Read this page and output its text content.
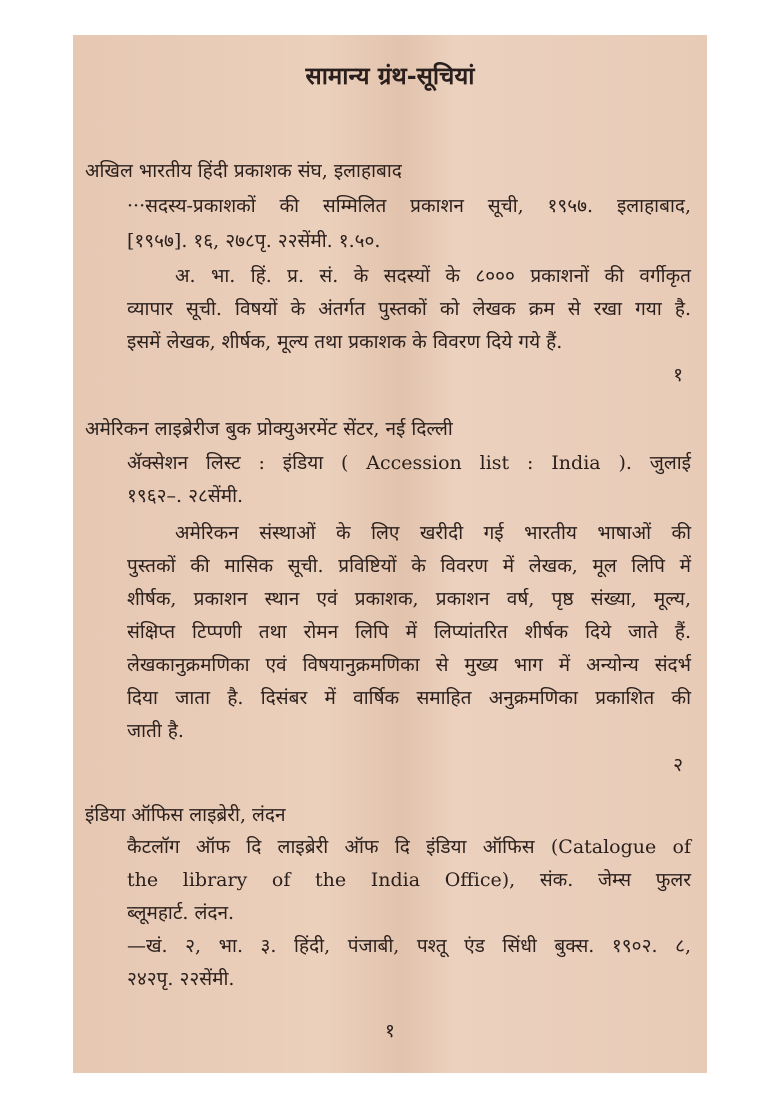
सामान्य ग्रंथ-सूचियां
अखिल भारतीय हिंदी प्रकाशक संघ, इलाहाबाद
···सदस्य-प्रकाशकों की सम्मिलित प्रकाशन सूची, १९५७. इलाहाबाद,
[१९५७]. १६, २७८पृ. २२सेंमी. १.५०.
अ. भा. हिं. प्र. सं. के सदस्यों के ८००० प्रकाशनों की वर्गीकृत
व्यापार सूची. विषयों के अंतर्गत पुस्तकों को लेखक क्रम से रखा गया है.
इसमें लेखक, शीर्षक, मूल्य तथा प्रकाशक के विवरण दिये गये हैं.
१
अमेरिकन लाइब्रेरीज बुक प्रोक्युअरमेंट सेंटर, नई दिल्ली
ॲक्सेशन लिस्ट : इंडिया ( Accession list : India ). जुलाई
१९६२–. २८सेंमी.
अमेरिकन संस्थाओं के लिए खरीदी गई भारतीय भाषाओं की
पुस्तकों की मासिक सूची. प्रविष्टियों के विवरण में लेखक, मूल लिपि में
शीर्षक, प्रकाशन स्थान एवं प्रकाशक, प्रकाशन वर्ष, पृष्ठ संख्या, मूल्य,
संक्षिप्त टिप्पणी तथा रोमन लिपि में लिप्यांतरित शीर्षक दिये जाते हैं.
लेखकानुक्रमणिका एवं विषयानुक्रमणिका से मुख्य भाग में अन्योन्य संदर्भ
दिया जाता है. दिसंबर में वार्षिक समाहित अनुक्रमणिका प्रकाशित की
जाती है.
२
इंडिया ऑफिस लाइब्रेरी, लंदन
कैटलॉग ऑफ दि लाइब्रेरी ऑफ दि इंडिया ऑफिस (Catalogue of
the library of the India Office), संक. जेम्स फुलर
ब्लूमहार्ट. लंदन.
—खं. २, भा. ३. हिंदी, पंजाबी, पश्तू एंड सिंधी बुक्स. १९०२. ८,
२४२पृ. २२सेंमी.
१
